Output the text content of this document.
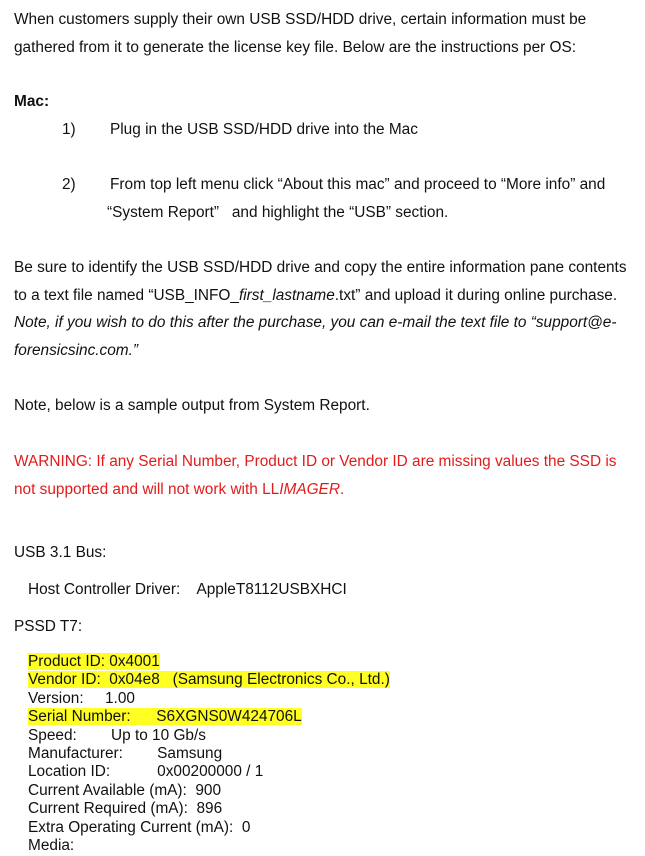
When customers supply their own USB SSD/HDD drive, certain information must be gathered from it to generate the license key file. Below are the instructions per OS:
Mac:
1) Plug in the USB SSD/HDD drive into the Mac
2) From top left menu click “About this mac” and proceed to “More info” and
“System Report”   and highlight the “USB” section.
Be sure to identify the USB SSD/HDD drive and copy the entire information pane contents to a text file named “USB_INFO_first_lastname.txt” and upload it during online purchase. Note, if you wish to do this after the purchase, you can e-mail the text file to “support@e-forensicsinc.com.”
Note, below is a sample output from System Report.
WARNING: If any Serial Number, Product ID or Vendor ID are missing values the SSD is not supported and will not work with LLIMAGER.
USB 3.1 Bus:
Host Controller Driver:    AppleT8112USBXHCI
PSSD T7:
Product ID: 0x4001
Vendor ID:  0x04e8   (Samsung Electronics Co., Ltd.)
Version:     1.00
Serial Number:      S6XGNS0W424706L
Speed:        Up to 10 Gb/s
Manufacturer:        Samsung
Location ID:           0x00200000 / 1
Current Available (mA):  900
Current Required (mA):  896
Extra Operating Current (mA):  0
Media:
